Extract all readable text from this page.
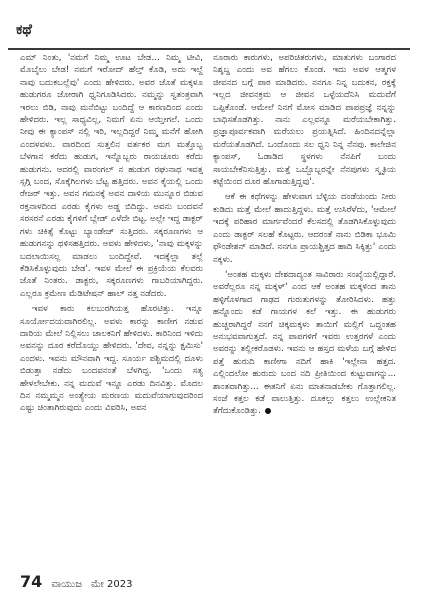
ಕಥೆ

ಎಮ್ ನಿಂತು, 'ನಮಗೆ ನಿಮ್ಮ ಊಟ ಬೇಡ... ನಿಮ್ಮ ಟೀವಿ, ಮೊಬೈಲು ಬೇಡ! ನಮಗೆ ಇರೋದ್ ಹೆಲ್ತ್ ಕೊಡಿ, ಅದು ಇಲ್ದೆ ನಾವು ಬದುಕಬಲ್ಲೆವು' ಎಂದು ಹೇಳಿದರು. ಅವರ ಜೊತೆ ಮಕ್ಕಳೂ ಹುಡುಗರೂ ಜೋರಾಗಿ ಧ್ವನಿಗೂಡಿಸಿದರು. ನಮ್ಮನ್ನು ಸ್ವತಂತ್ರವಾಗಿ ಇರಲು ಬಿಡಿ, ನಾವು ಮನೆಬಿಟ್ಟು ಬಂದಿದ್ದೆ ಆ ಕಾರಣದಿಂದ ಎಂದು ಹೇಳಿದರು. ಇಲ್ಲ ಸಾಧ್ಯವಿಲ್ಲ, ನಿಮಗೆ ಏನು ಆಯ್ತೀಗಲೆ. ಒಂದು ನೀವು ಈ ಕ್ಯಾಂಪಸ್ ನಲ್ಲಿ ಇರಿ, ಇಲ್ಲದಿದ್ದರೆ ನಿಮ್ಮ ಮನೆಗೆ ಹೋಗಿ ಎಂದಳವಳು. ವಾರದಿಂದ ಸುತ್ತಲಿನ ವರ್ತಕರ ಮಗ ಮತ್ತೊಬ್ಬ ಬೆಳಗಾನ ಕರೆದು ಹುಡುಗ, ಇನ್ನೊಬ್ಬರು ರಾಯಚೂರು ಕರೆದು ಹುಡುಗನು. ಆದರಲ್ಲಿ ವಾರಂಗಲ್ ನ ಹುಡುಗ ರಘುನಾಥ ಇವತ್ತ ಸ್ಸಗ್ಗಿ ಬಂದ, ಸೊಕ್ಕೆಗಿಲಗಳು ಬೆಟ್ಟ ಹತ್ತಿದರು. ಅವನ ಕೈಯಲ್ಲಿ ಒಂದು ರೇಜರ್ ಇತ್ತು. ಅವನ ಗಮನಕ್ಕೆ ಅವನ ದಾಳಿಯ ಮುನ್ನೂರ ಬಿಡುವ ರಕ್ತನಾಳದಿಂದ ಎರಡು ಕೈಗಳು ಅಡ್ಡ ಬಿದಿದ್ದು. ಅವನು ಬಂದವನೆ ಸರಸರನೆ ಎರಡು ಕೈಗಳಿಗೆ ಬ್ಲೇಡ್ ಎಳೆದೇ ಬಿಟ್ಟ. ಅಲ್ಲೇ ಇದ್ದ ಡಾಕ್ಟರ್ ಗಳು ಚಿಕಿತ್ಸೆ ಕೊಟ್ಟು ಬ್ಯಾಂಡೇಜ್ ಸುತ್ತಿದರು. ಸಕ್ಕರೂಣಗಳು ಆ ಹುಡುಗನನ್ನು ಥಳಿಸಹತ್ತಿದರು. ಅವಳು ಹೇಳಿದಳು, 'ನಾವು ಮಕ್ಕಳನ್ನು ಬದಲಾಯಿಸಲ್ಲ ಮಾಡಲು ಬಂದಿದ್ದೇವೆ. ಇದಕ್ಕೆಲ್ಲಾ ತಲ್ಲೆ ಕೆಡಿಸಿಕೊಳ್ಳುವುದು ಬೇಡ'. ಇವಳ ಮೇಲೆ ಈ ಪ್ರಕ್ರಿಯೆಯ ಕೆಲವರು ಜೊತೆ ನಿಂತರು. ಡಾಕ್ಟರು, ಸಕ್ಕರೂಣಗಳು ಗಾಬರಿಯಾಗಿದ್ದರು. ಎಲ್ಲರೂ ಕ್ರಮೇಣ ಮೆಡಿಟೇಷನ್ ಹಾಲ್ ನತ್ತ ನಡೆದರು.

ಇವಳ ಕಾರು ಕಲಬುರಗಿಯತ್ತ ಹೊರಟಿತ್ತು. ಇನ್ನೂ ಸೂರ್ಯೋದಯವಾಗಿರಲಿಲ್ಲ. ಅವಳು ಕಾರನ್ನು ಕಾಣೀಗ ನಡುವ ದಾರಿಯ ಮೇಲೆ ನಿಲ್ಲಿಸಲು ಚಾಲಕನಿಗೆ ಹೇಳಿದಳು. ಕಾರಿನಿಂದ ಇಳಿದು ಅವನನ್ನು ದೂರ ಕರೆದೊಯ್ದು ಹೇಳಿದರು. 'ದೇವ, ನನ್ನನ್ನು ಕ್ಷಮಿಸು' ಎಂದಳು. ಇವನು ಮೌನವಾಗಿ ಇದ್ದ. ಸೂರ್ಯ ಪಶ್ಚಿಮದಲ್ಲಿ ದೂಳು ಬಿಡುತ್ತಾ ನಡೆದು ಬಂದವನಂತೆ ಬೆಳಗಿದ್ದ. 'ಒಂದು ಸತ್ಯ ಹೇಳಲೇಬೇಕು. ನನ್ನ ಮದುವೆ ಇನ್ನೂ ಎರಡು ದಿನವಿತ್ತು. ಮೊದಲ ದಿನ ನಮ್ಮಮ್ಮನ ಅಂತ್ಯೇಯ ಮರಣಯ ಮದುವೆಯಾಗುವುದರಿಂದ ಎಷ್ಟು ಚಿಂತಾಗಿರುವುದು ಎಂದು ವಿವರಿಸಿ, ಅವನ

ನೂರಾರು ಕಾರುಗಳು, ಅಪರಿಚಿತರುಗಳು, ಮಾತುಗಳು ಬಂಗಾರದ ನಿಶ್ಶಬ್ದ ಎಂದು ಅವ ಹೆಗಲು ಕೊಂಡ. ಇದು ಅವಳ ಆತ್ಮಗಳ ಜೀವನದ ಬಗ್ಗೆ ಪಾಠ ಮಾಡಿದರು. ನನಗೂ ನಿನ್ನ ಬದುಕನ, ರಕ್ತಕ್ಕೆ ಇಲ್ಲದ ಜೀವನಕ್ರಮ ಆ ಜೀವನ ಒಳ್ಳೆಯದೆನಿಸಿ ಮದುವೆಗೆ ಒಪ್ಪಿಕೊಂಡೆ. ಆಮೇಲೆ ನಿನಗೆ ಮೋಸ ಮಾಡಿದ ಪಾಪಪ್ರಜ್ಞೆ ನನ್ನನ್ನು ಬಾಧಿಸತೊಡಗಿತ್ತು. ನಾನು ಎಲ್ಲವನ್ನೂ ಮರೆಯಬೇಕಾಗಿತ್ತು. ಪ್ರಜ್ಞಾಪೂರ್ವಕವಾಗಿ ಮರೆಯಲು ಪ್ರಯತ್ನಿಸಿದೆ. ಹಿಂದಿನದನ್ನೆಲ್ಲಾ ಮರೆಯತೊಡಗಿದೆ. ಒಂದೊಂದು ಸಲ ಧ್ವನಿ ನಿನ್ನ ನೆನಪು. ಕಾಲೇಜಿನ ಕ್ಯಾಂಪಸ್, ಓಡಾಡಿದ ಸ್ಥಳಗಳು ನೆನಪಿಗೆ ಬಂದು ಸಾಯಬೇಕೆನಿಸುತ್ತಿತ್ತು. ಮತ್ತೆ ಒಬ್ಬೊಬ್ಬರನ್ನೇ ನೆನಪುಗಳು ಸ್ಮೃತಿಯ ಕಟ್ಟೆಯಿಂದ ದೂರ ಹೊಗಾಡುತ್ತಿದ್ದವು'.

ಆಕೆ ಈ ಕಥೆಗಳನ್ನು ಹೇಳುವಾಗ ಬೆಳ್ಳಿಯ ದಂಡೆಯಂದು ನೀರು ಕುಡಿದು ಮತ್ತೆ ಮೇಲೆ ಹಾದುತ್ತಿದ್ದಳು. ಮತ್ತೆ ಉಸಿರೆಳೆದು, 'ಆಮೇಲೆ ಇದಕ್ಕೆ ಪರಿಹಾರ ಮಾರ್ಗವೆಂದರೆ ಕೆಲಸದಲ್ಲಿ ತೊಡಗಿಸಿಕೊಳ್ಳುವುದು ಎಂದು ಡಾಕ್ಟರ್ ಸಲಹೆ ಕೊಟ್ಟರು. ಆದರಂತೆ ನಾನು ಬಿಡಿಕಾ ಭೂಮಿ ಫೌಂಡೇಶನ್ ಮಾಡಿದೆ. ನನಗೂ ಪ್ರಾಯಶ್ಚಿತ್ತದ ಹಾದಿ ಸಿಕ್ಕಿತ್ತು' ಎಂದು ನಕ್ಕಳು.

'ಅಂತಹ ಮಕ್ಕಳು ದೇಶದಾದ್ಯಂತ ಸಾವಿರಾರು ಸಂಖ್ಯೆಯಲ್ಲಿದ್ದಾರೆ. ಅವರೆಲ್ಲರೂ ನನ್ನ ಮಕ್ಕಳ್' ಎಂದ ಆಕೆ ಅಂತಹ ಮಕ್ಕಳಿಂದ ತಾನು ಹಳ್ಳಿಗೊಳಗಾದ ಗಾಢದ ಗುರುತುಗಳನ್ನು ತೋರಿಸಿದಳು. ಹತ್ತು ಹನ್ನೊಂದು ಕಡೆ ಗಾಯಗಳ ಕಲೆ ಇತ್ತು. ಈ ಹುಡುಗರು ಹುಚ್ಚರಾಗಿದ್ದರೆ ನನಗೆ ಚಿಕ್ಕಮಕ್ಕಳು ತಾಯಿಗೆ ಮಲ್ಲಿಗೆ ಒದ್ದಂತಹ ಅನುಭವವಾಗುತ್ತದೆ. ನನ್ನ ಪಾಪಗಳಿಗೆ ಇವರು ಉತ್ತರಗಳೆ ಎಂದು ಅವರನ್ನು ತಲ್ಲೀಕರೊಡಳು. ಇವನು ಆ ಹಸ್ತದ ಮಳೆಯ ಬಗ್ಗೆ ಹೇಳಿದ ಪತ್ತೆ ಹುರುದಿ ಕಾಣೀಗಾ ನದಿಗೆ ಹಾಕಿ 'ಇಲ್ಲೇನಾ ಹತ್ತದ. ಎಲ್ಲಿಂದಲೋ ಹುರುದು ಬಂದ ನದಿ ಪ್ರೀತಿಯಿಂದ ಕುಟ್ಟುವಾಗನ್ನು... ಶಾಂತವಾಗಿತ್ತು... ಈತನಿಗೆ ಏನು ಮಾತನಾಡಬೇಕು ಗೊತ್ತಾಗಲಿಲ್ಲ. ಸಂಜೆ ಕತ್ತಲ ಕಡೆ ವಾಲುತ್ತಿತ್ತು. ದೂಕಲ್ಲು ಕತ್ತಲು ಉಲ್ಲೇಕನಿತ ತೆಗೆದುಕೊಂಡಿತ್ತು.

74 ವಾಯುಜ ಮೇ 2023
